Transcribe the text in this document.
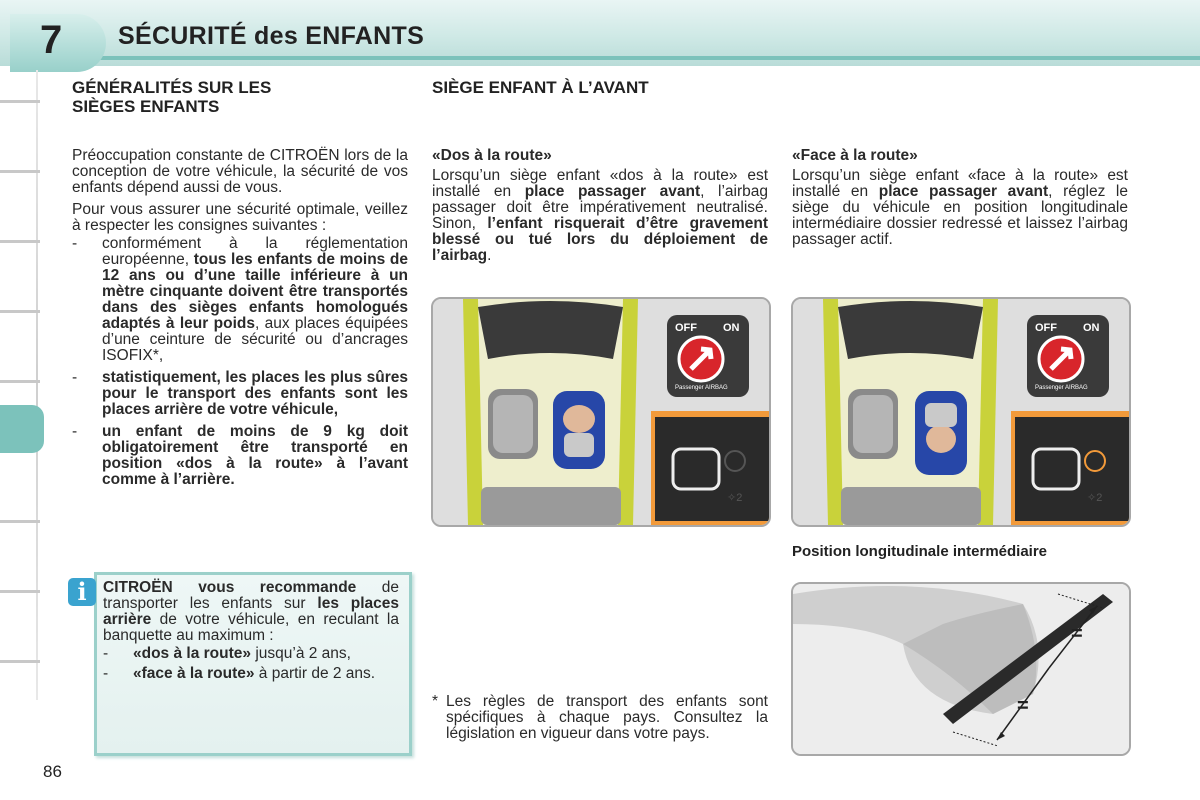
7 SÉCURITÉ des ENFANTS
GÉNÉRALITÉS SUR LES
SIÈGES ENFANTS

Préoccupation constante de CITROËN lors de la conception de votre véhicule, la sécurité de vos enfants dépend aussi de vous.

Pour vous assurer une sécurité optimale, veillez à respecter les consignes suivantes :

-	conformément à la réglementation européenne, tous les enfants de moins de 12 ans ou d’une taille inférieure à un mètre cinquante doivent être transportés dans des sièges enfants homologués adaptés à leur poids, aux places équipées d’une ceinture de sécurité ou d’ancrages ISOFIX*,
-	statistiquement, les places les plus sûres pour le transport des enfants sont les places arrière de votre véhicule,
-	un enfant de moins de 9 kg doit obligatoirement être transporté en position «dos à la route» à l’avant comme à l’arrière.
i	CITROËN vous recommande de transporter les enfants sur les places arrière de votre véhicule, en reculant la banquette au maximum :

-	«dos à la route» jusqu’à 2 ans,
-	«face à la route» à partir de 2 ans.
86
SIÈGE ENFANT À L’AVANT

«Dos à la route»

Lorsqu’un siège enfant «dos à la route» est installé en place passager avant, l’airbag passager doit être impérativement neutralisé. Sinon, l’enfant risquerait d’être gravement blessé ou tué lors du déploiement de l’airbag.

«Face à la route»

Lorsqu’un siège enfant «face à la route» est installé en place passager avant, réglez le siège du véhicule en position longitudinale intermédiaire dossier redressé et laissez l’airbag passager actif.

OFF ON
Passenger AIRBAG
✧2
OFF ON
Passenger AIRBAG
✧2
Position longitudinale intermédiaire
=
=
* Les règles de transport des enfants sont spécifiques à chaque pays. Consultez la législation en vigueur dans votre pays.
